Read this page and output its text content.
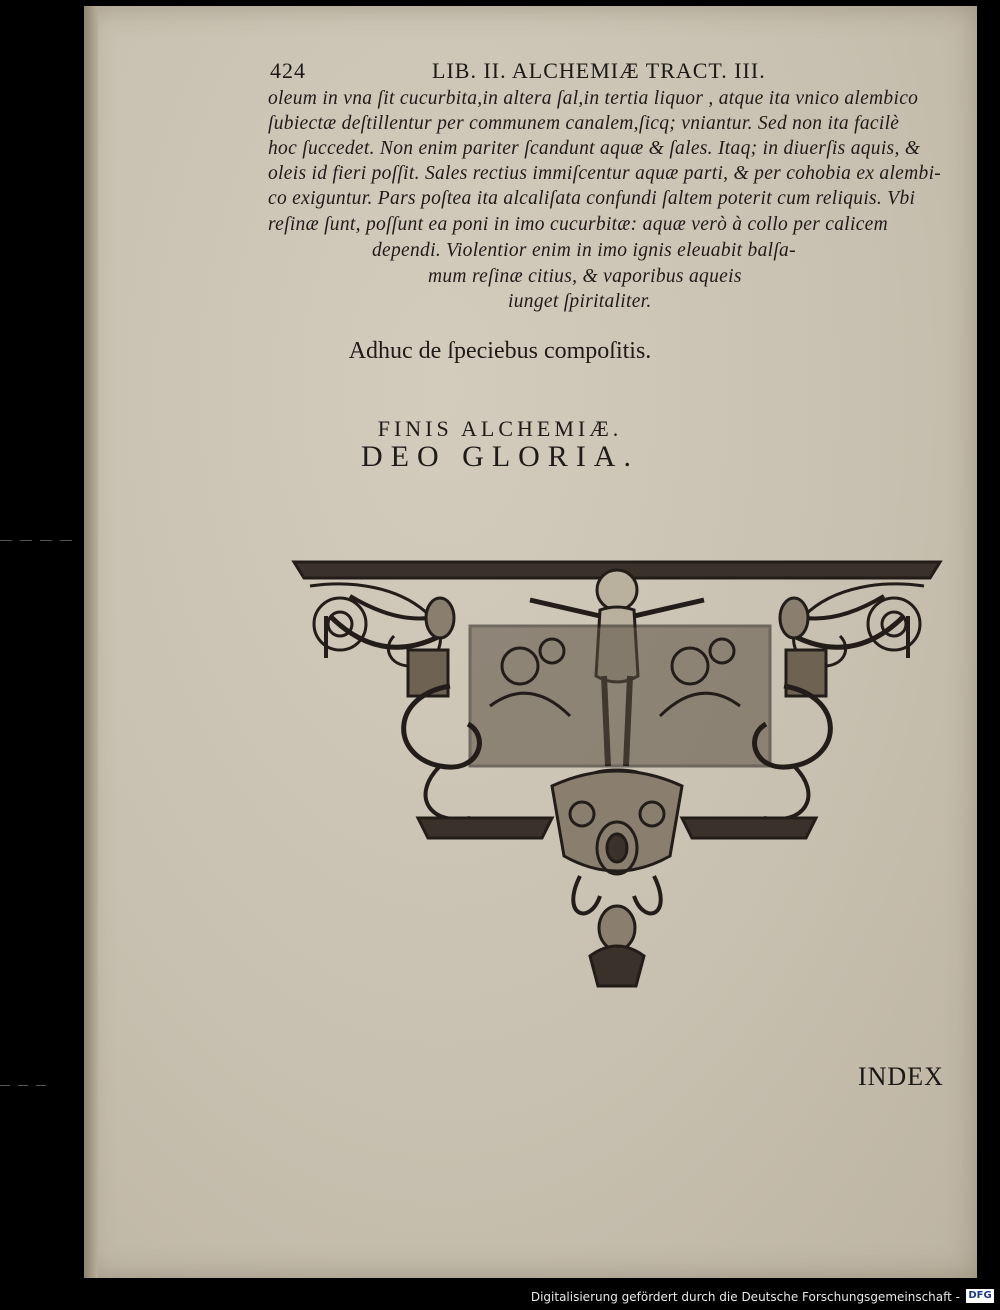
424	LIB. II. ALCHEMIÆ TRACT. III.
oleum in vna ſit cucurbita,in altera ſal,in tertia liquor , atque ita vnico alembico
ſubiectæ deſtillentur per communem canalem,ſicq; vniantur. Sed non ita facilè
hoc ſuccedet. Non enim pariter ſcandunt aquæ & ſales. Itaq; in diuerſis aquis, &
oleis id fieri poſſit. Sales rectius immiſcentur aquæ parti, & per cohobia ex alembi-
co exiguntur. Pars poſtea ita alcaliſata confundi ſaltem poterit cum reliquis. Vbi
reſinæ ſunt, poſſunt ea poni in imo cucurbitæ: aquæ verò à collo per calicem
dependi. Violentior enim in imo ignis eleuabit balſa-
mum reſinæ citius, & vaporibus aqueis
iunget ſpiritaliter.
Adhuc de ſpeciebus compoſitis.
FINIS ALCHEMIÆ.
DEO GLORIA.
INDEX
Digitalisierung gefördert durch die Deutsche Forschungsgemeinschaft - DFG
